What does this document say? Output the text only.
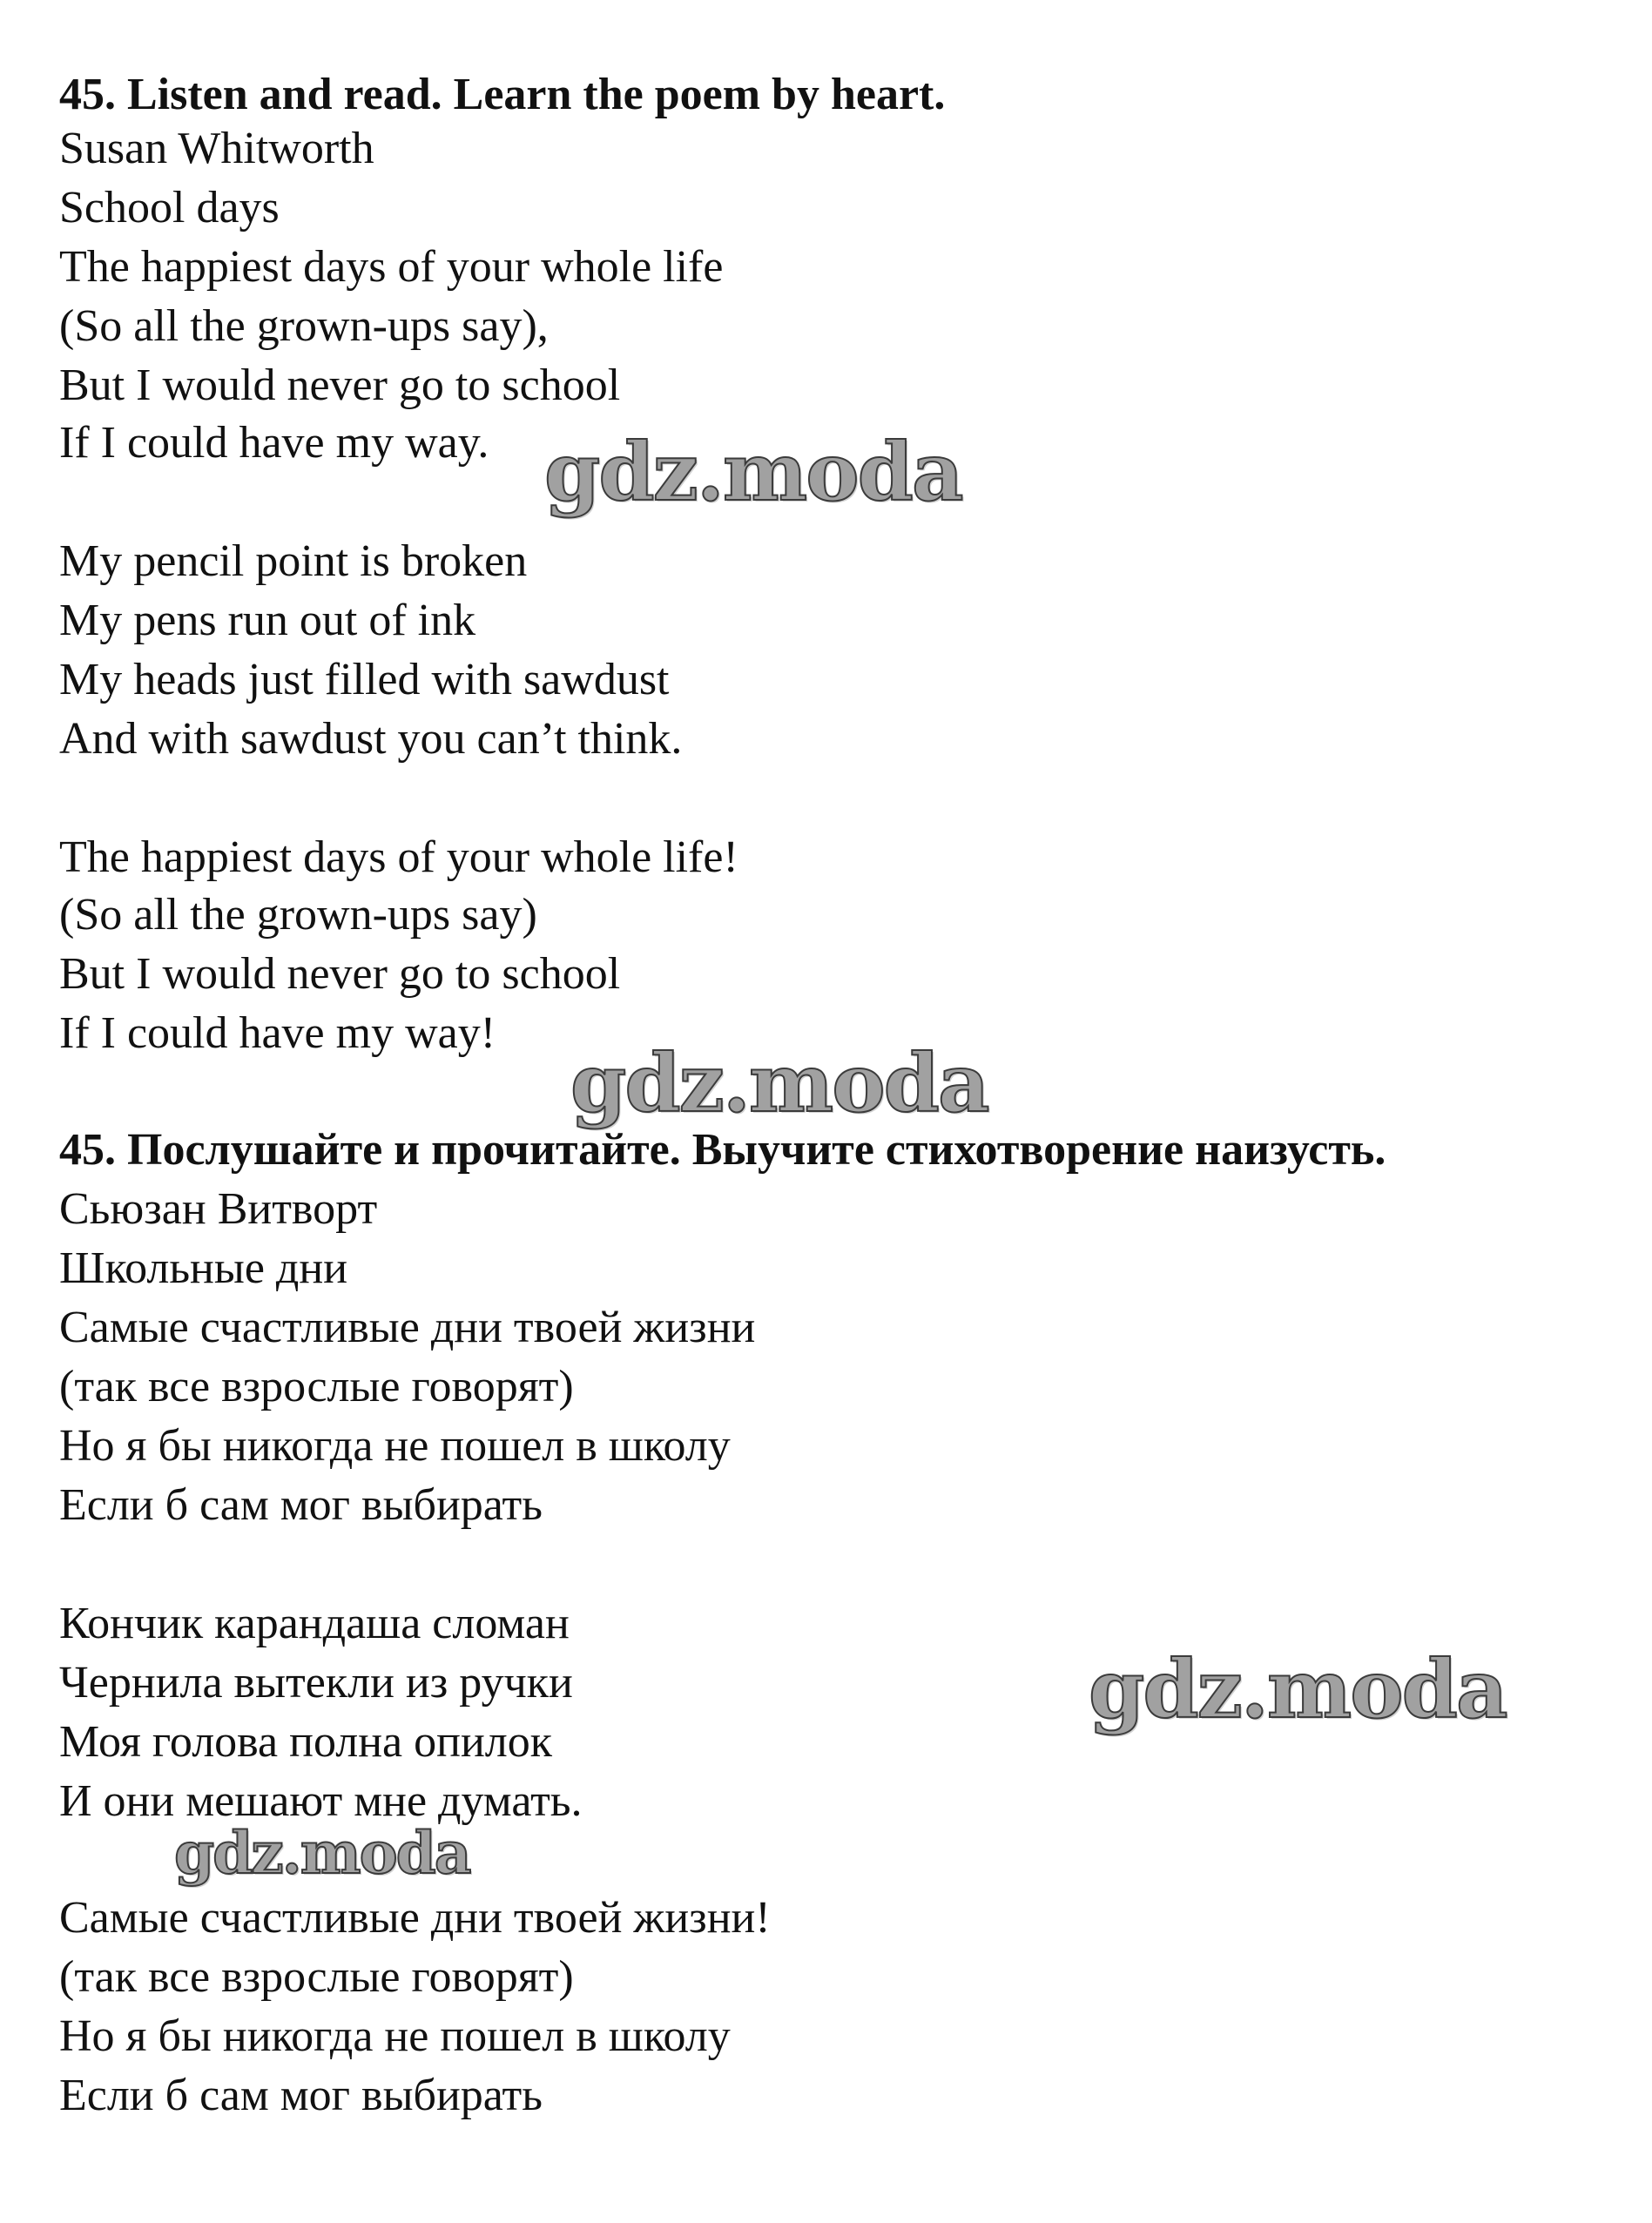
45. Listen and read. Learn the poem by heart.

Susan Whitworth

School days

The happiest days of your whole life

(So all the grown-ups say),

But I would never go to school

If I could have my way.

My pencil point is broken

My pens run out of ink

My heads just filled with sawdust

And with sawdust you can’t think.

The happiest days of your whole life!

(So all the grown-ups say)

But I would never go to school

If I could have my way!

45. Послушайте и прочитайте. Выучите стихотворение наизусть.

Сьюзан Витворт

Школьные дни

Самые счастливые дни твоей жизни

(так все взрослые говорят)

Но я бы никогда не пошел в школу

Если б сам мог выбирать

Кончик карандаша сломан

Чернила вытекли из ручки

Моя голова полна опилок

И они мешают мне думать.

Самые счастливые дни твоей жизни!

(так все взрослые говорят)

Но я бы никогда не пошел в школу

Если б сам мог выбирать

gdz.moda
gdz.moda
gdz.moda
gdz.moda
